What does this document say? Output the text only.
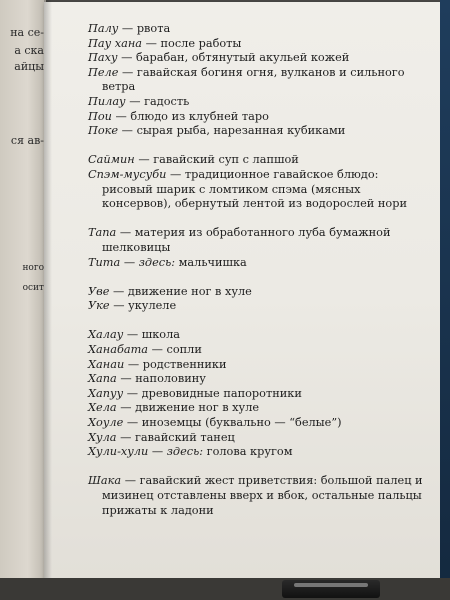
на се-
а ска
айцы
ся ав-
ного
осит
Палу — рвота
Пау хана — после работы
Паху — барабан, обтянутый акульей кожей
Пеле — гавайская богиня огня, вулканов и сильного ветра
Пилау — гадость
Пои — блюдо из клубней таро
Поке — сырая рыба, нарезанная кубиками
Саймин — гавайский суп с лапшой
Спэм-мусуби — традиционное гавайское блюдо: рисовый шарик с ломтиком спэма (мясных консервов), обернутый лентой из водорослей нори
Тапа — материя из обработанного луба бумажной шелковицы
Тита — здесь: мальчишка
Уве — движение ног в хуле
Уке — укулеле
Халау — школа
Ханабата — сопли
Ханаи — родственники
Хапа — наполовину
Хапуу — древовидные папоротники
Хела — движение ног в хуле
Хоуле — иноземцы (буквально — “белые”)
Хула — гавайский танец
Хули-хули — здесь: голова кругом
Шака — гавайский жест приветствия: большой палец и мизинец отставлены вверх и вбок, остальные пальцы прижаты к ладони
